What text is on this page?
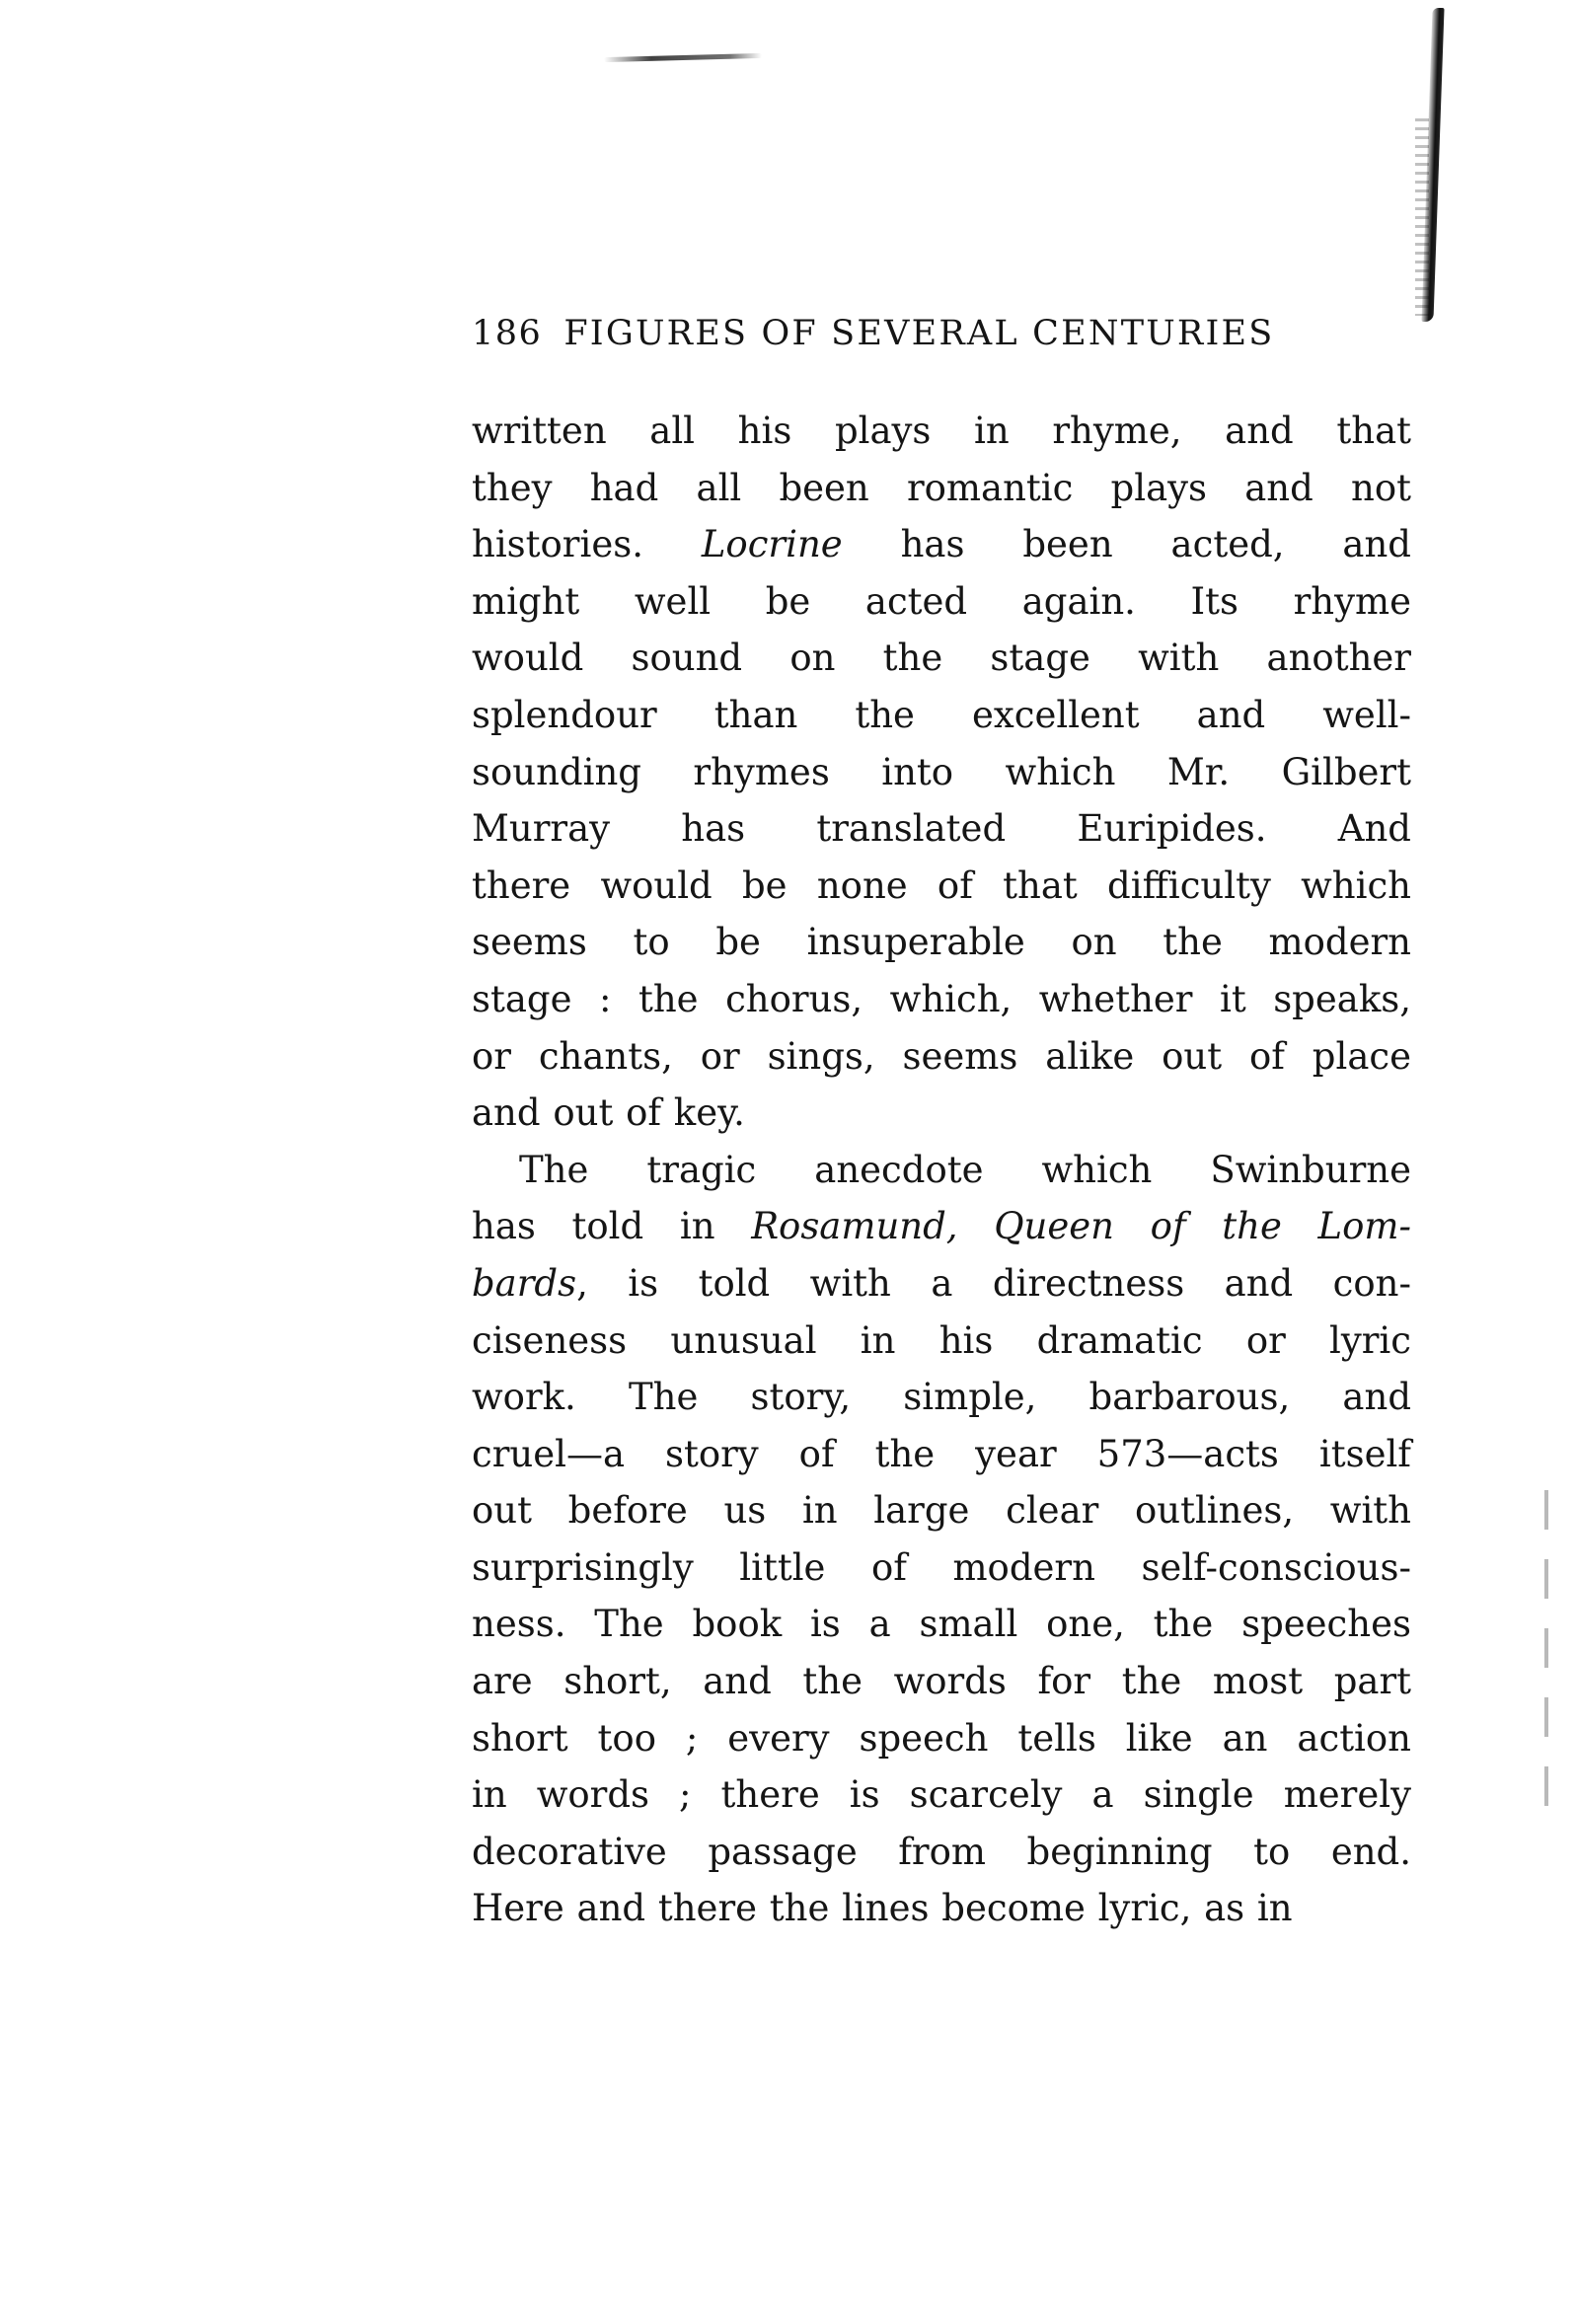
186 FIGURES OF SEVERAL CENTURIES
written all his plays in rhyme, and that
they had all been romantic plays and not
histories. Locrine has been acted, and
might well be acted again. Its rhyme
would sound on the stage with another
splendour than the excellent and well-
sounding rhymes into which Mr. Gilbert
Murray has translated Euripides. And
there would be none of that difficulty which
seems to be insuperable on the modern
stage : the chorus, which, whether it speaks,
or chants, or sings, seems alike out of place
and out of key.
The tragic anecdote which Swinburne
has told in Rosamund, Queen of the Lom-
bards, is told with a directness and con-
ciseness unusual in his dramatic or lyric
work. The story, simple, barbarous, and
cruel—a story of the year 573—acts itself
out before us in large clear outlines, with
surprisingly little of modern self-conscious-
ness. The book is a small one, the speeches
are short, and the words for the most part
short too ; every speech tells like an action
in words ; there is scarcely a single merely
decorative passage from beginning to end.
Here and there the lines become lyric, as in
